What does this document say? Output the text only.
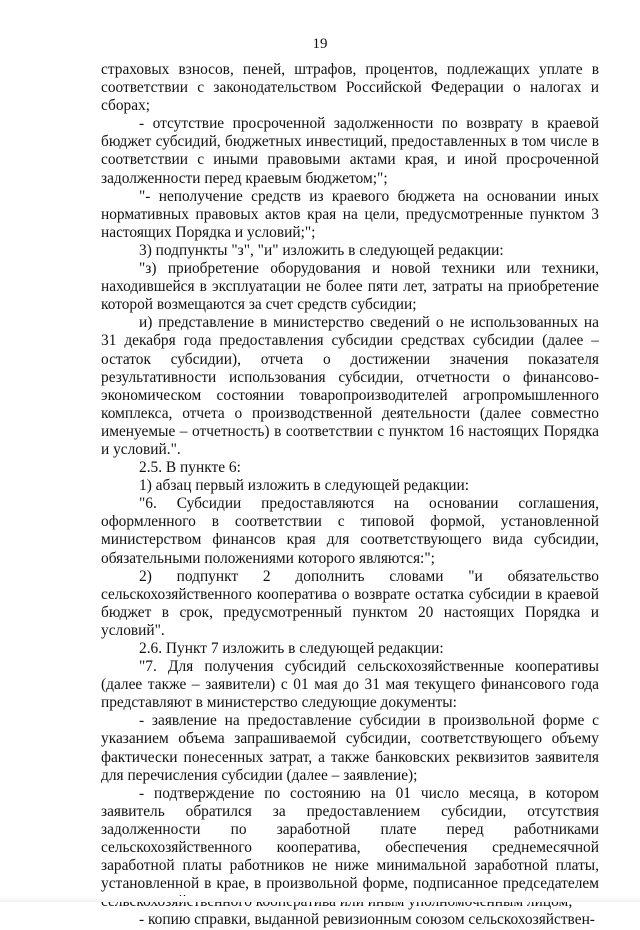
19

страховых взносов, пеней, штрафов, процентов, подлежащих уплате в соответствии с законодательством Российской Федерации о налогах и сборах;

- отсутствие просроченной задолженности по возврату в краевой бюджет субсидий, бюджетных инвестиций, предоставленных в том числе в соответствии с иными правовыми актами края, и иной просроченной задолженности перед краевым бюджетом;";

"- неполучение средств из краевого бюджета на основании иных нормативных правовых актов края на цели, предусмотренные пунктом 3 настоящих Порядка и условий;";

3) подпункты "з", "и" изложить в следующей редакции:

"з) приобретение оборудования и новой техники или техники, находившейся в эксплуатации не более пяти лет, затраты на приобретение которой возмещаются за счет средств субсидии;

и) представление в министерство сведений о не использованных на 31 декабря года предоставления субсидии средствах субсидии (далее – остаток субсидии), отчета о достижении значения показателя результативности использования субсидии, отчетности о финансово-экономическом состоянии товаропроизводителей агропромышленного комплекса, отчета о производственной деятельности (далее совместно именуемые – отчетность) в соответствии с пунктом 16 настоящих Порядка и условий.".

2.5. В пункте 6:

1) абзац первый изложить в следующей редакции:

"6. Субсидии предоставляются на основании соглашения, оформленного в соответствии с типовой формой, установленной министерством финансов края для соответствующего вида субсидии, обязательными положениями которого являются:";

2) подпункт 2 дополнить словами "и обязательство сельскохозяйственного кооператива о возврате остатка субсидии в краевой бюджет в срок, предусмотренный пунктом 20 настоящих Порядка и условий".

2.6. Пункт 7 изложить в следующей редакции:

"7. Для получения субсидий сельскохозяйственные кооперативы (далее также – заявители) с 01 мая до 31 мая текущего финансового года представляют в министерство следующие документы:

- заявление на предоставление субсидии в произвольной форме с указанием объема запрашиваемой субсидии, соответствующего объему фактически понесенных затрат, а также банковских реквизитов заявителя для перечисления субсидии (далее – заявление);

- подтверждение по состоянию на 01 число месяца, в котором заявитель обратился за предоставлением субсидии, отсутствия задолженности по заработной плате перед работниками сельскохозяйственного кооператива, обеспечения среднемесячной заработной платы работников не ниже минимальной заработной платы, установленной в крае, в произвольной форме, подписанное председателем

- копию справки, выданной ревизионным союзом сельскохозяйствен-
